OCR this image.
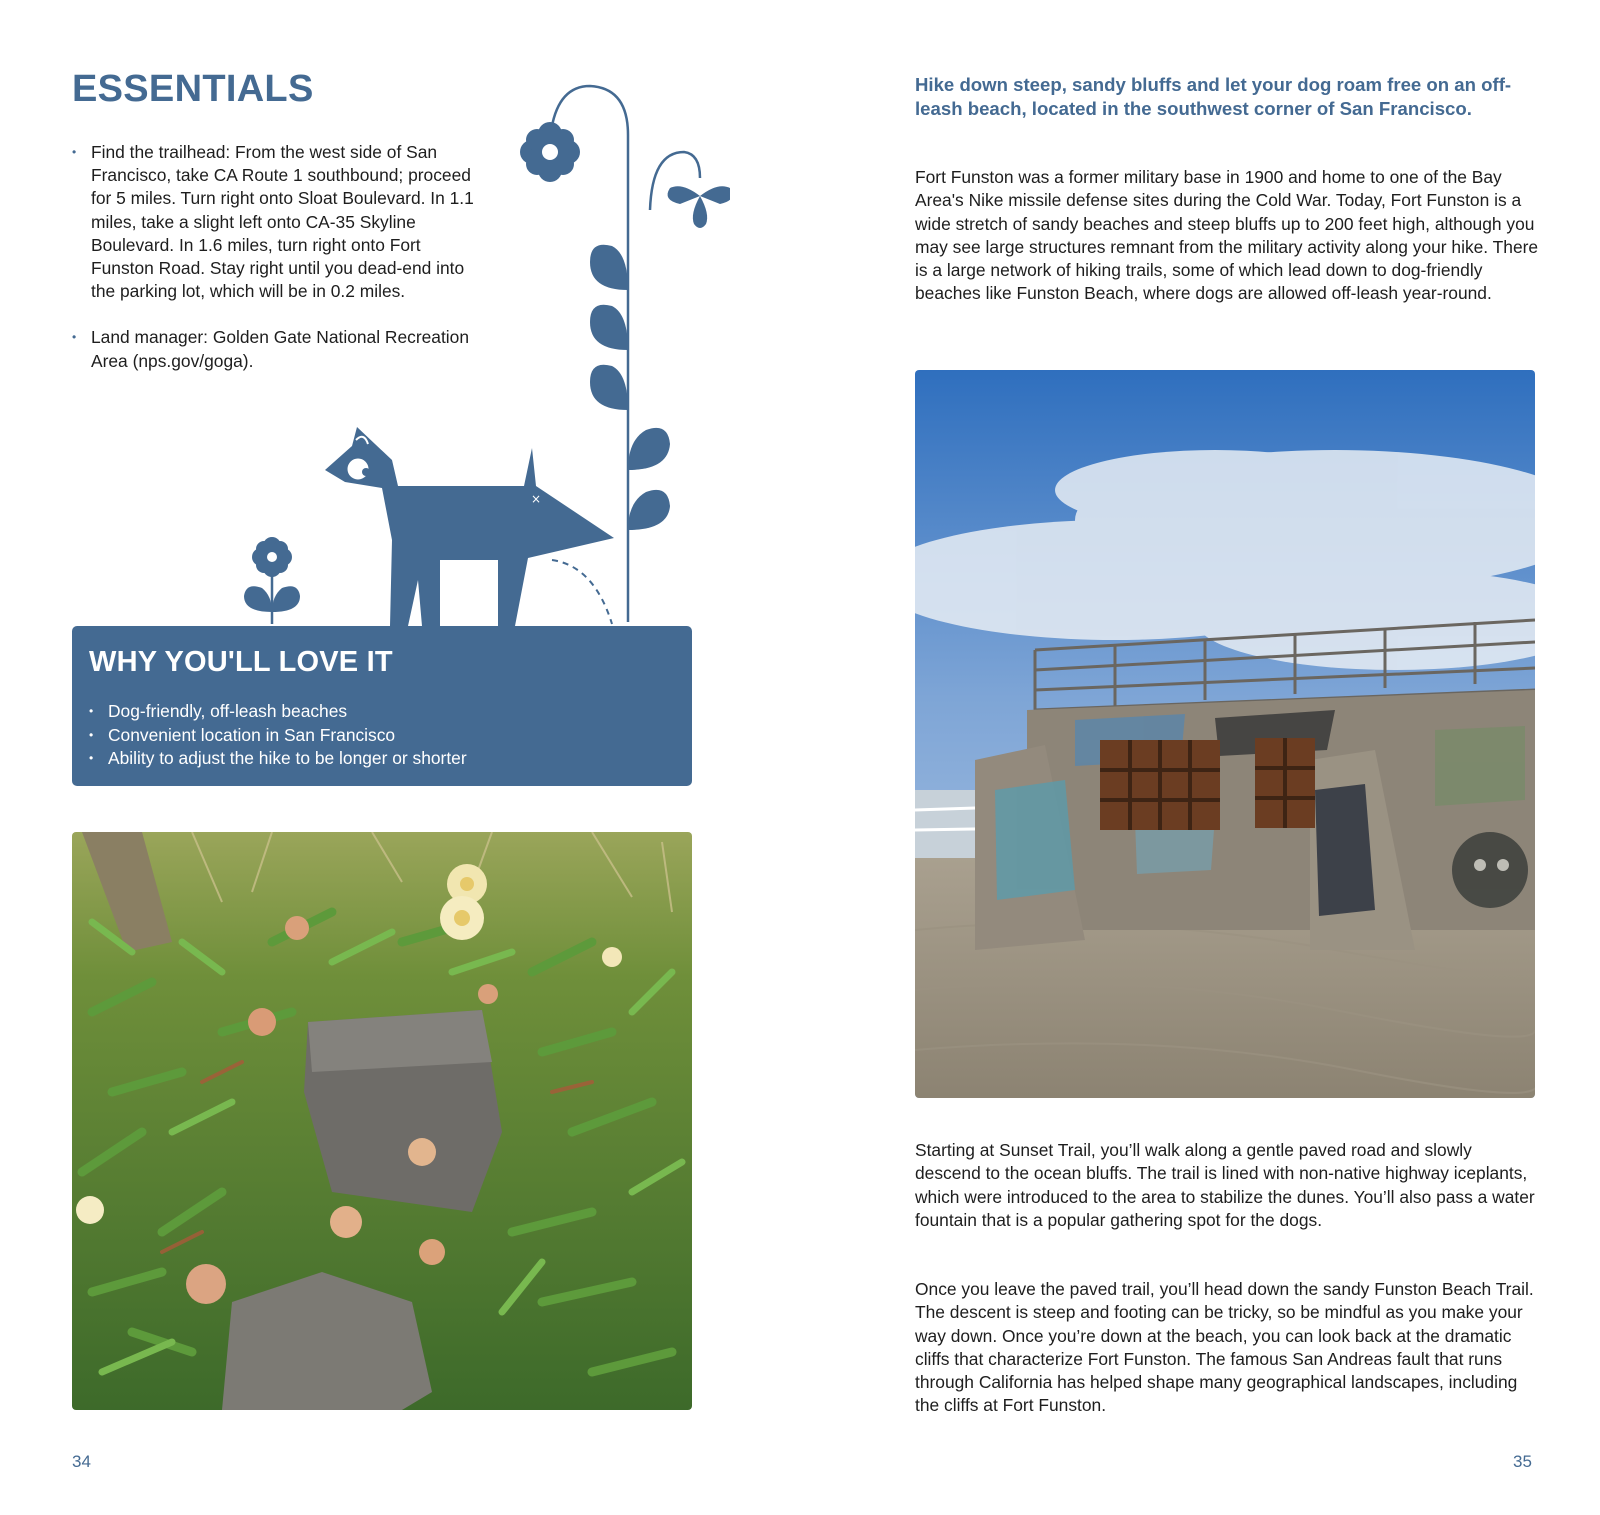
ESSENTIALS
• Find the trailhead: From the west side of San Francisco, take CA Route 1 southbound; proceed for 5 miles. Turn right onto Sloat Boulevard. In 1.1 miles, take a slight left onto CA-35 Skyline Boulevard. In 1.6 miles, turn right onto Fort Funston Road. Stay right until you dead-end into the parking lot, which will be in 0.2 miles.
• Land manager: Golden Gate National Recreation Area (nps.gov/goga).
×
WHY YOU'LL LOVE IT
• Dog-friendly, off-leash beaches
• Convenient location in San Francisco
• Ability to adjust the hike to be longer or shorter
Hike down steep, sandy bluffs and let your dog roam free on an off-leash beach, located in the southwest corner of San Francisco.

Fort Funston was a former military base in 1900 and home to one of the Bay Area's Nike missile defense sites during the Cold War. Today, Fort Funston is a wide stretch of sandy beaches and steep bluffs up to 200 feet high, although you may see large structures remnant from the military activity along your hike. There is a large network of hiking trails, some of which lead down to dog-friendly beaches like Funston Beach, where dogs are allowed off-leash year-round.

Starting at Sunset Trail, you’ll walk along a gentle paved road and slowly descend to the ocean bluffs. The trail is lined with non-native highway iceplants, which were introduced to the area to stabilize the dunes. You’ll also pass a water fountain that is a popular gathering spot for the dogs.

Once you leave the paved trail, you’ll head down the sandy Funston Beach Trail. The descent is steep and footing can be tricky, so be mindful as you make your way down. Once you’re down at the beach, you can look back at the dramatic cliffs that characterize Fort Funston. The famous San Andreas fault that runs through California has helped shape many geographical landscapes, including the cliffs at Fort Funston.

34	35
